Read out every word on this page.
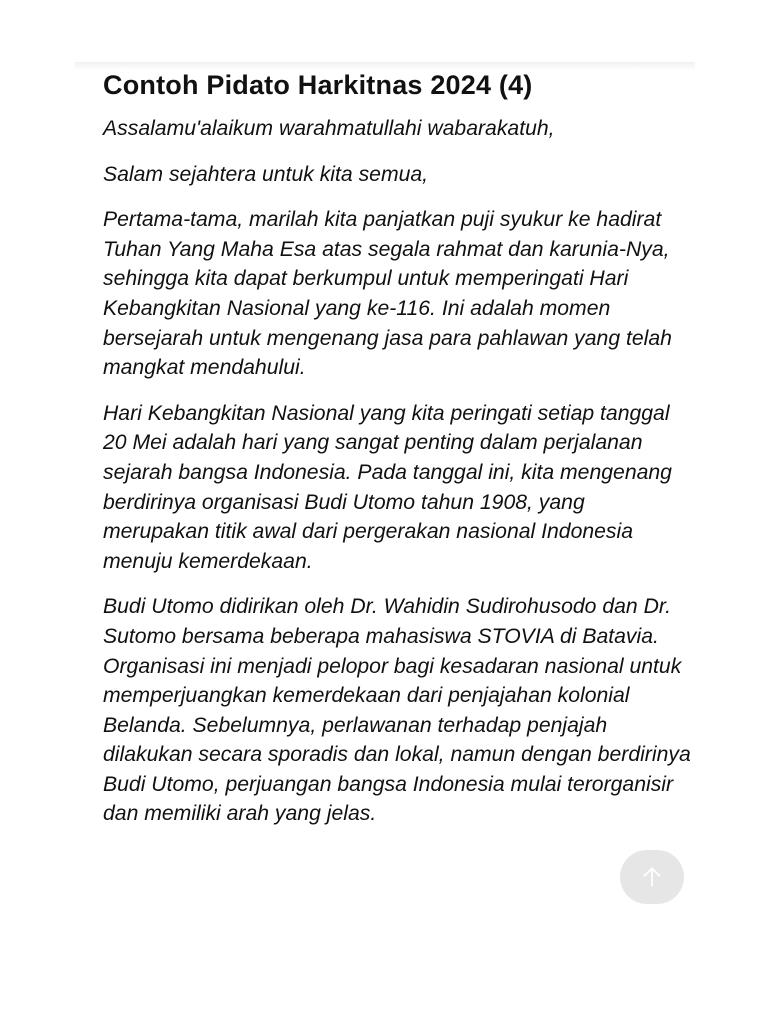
Contoh Pidato Harkitnas 2024 (4)

Assalamu'alaikum warahmatullahi wabarakatuh,

Salam sejahtera untuk kita semua,

Pertama-tama, marilah kita panjatkan puji syukur ke hadirat Tuhan Yang Maha Esa atas segala rahmat dan karunia-Nya, sehingga kita dapat berkumpul untuk memperingati Hari Kebangkitan Nasional yang ke-116. Ini adalah momen bersejarah untuk mengenang jasa para pahlawan yang telah mangkat mendahului.

Hari Kebangkitan Nasional yang kita peringati setiap tanggal 20 Mei adalah hari yang sangat penting dalam perjalanan sejarah bangsa Indonesia. Pada tanggal ini, kita mengenang berdirinya organisasi Budi Utomo tahun 1908, yang merupakan titik awal dari pergerakan nasional Indonesia menuju kemerdekaan.

Budi Utomo didirikan oleh Dr. Wahidin Sudirohusodo dan Dr. Sutomo bersama beberapa mahasiswa STOVIA di Batavia. Organisasi ini menjadi pelopor bagi kesadaran nasional untuk memperjuangkan kemerdekaan dari penjajahan kolonial Belanda. Sebelumnya, perlawanan terhadap penjajah dilakukan secara sporadis dan lokal, namun dengan berdirinya Budi Utomo, perjuangan bangsa Indonesia mulai terorganisir dan memiliki arah yang jelas.
